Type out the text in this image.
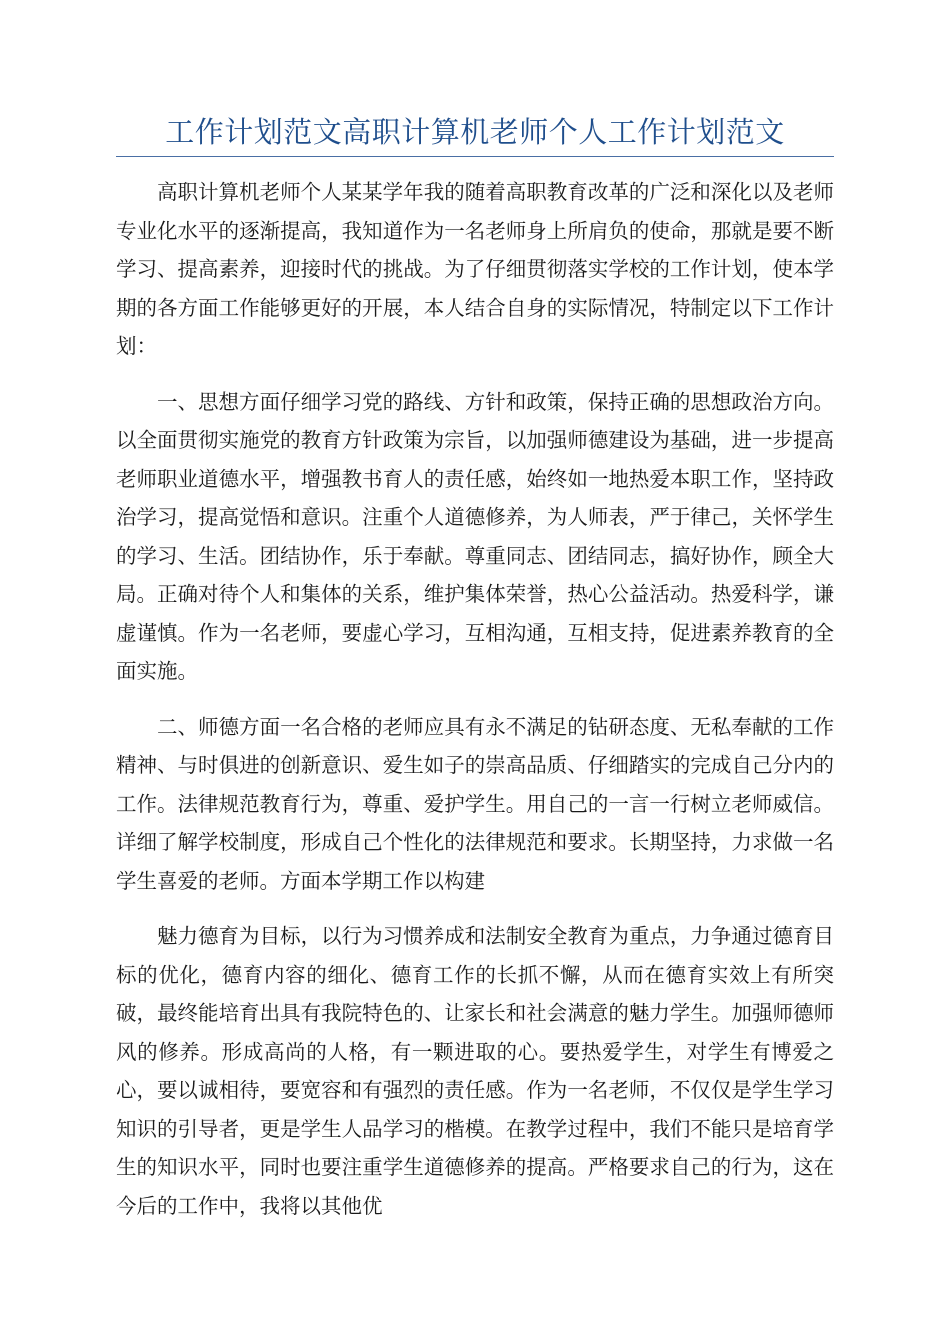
工作计划范文高职计算机老师个人工作计划范文

高职计算机老师个人某某学年我的随着高职教育改革的广泛和深化以及老师专业化水平的逐渐提高，我知道作为一名老师身上所肩负的使命，那就是要不断学习、提高素养，迎接时代的挑战。为了仔细贯彻落实学校的工作计划，使本学期的各方面工作能够更好的开展，本人结合自身的实际情况，特制定以下工作计划：

一、思想方面仔细学习党的路线、方针和政策，保持正确的思想政治方向。以全面贯彻实施党的教育方针政策为宗旨，以加强师德建设为基础，进一步提高老师职业道德水平，增强教书育人的责任感，始终如一地热爱本职工作，坚持政治学习，提高觉悟和意识。注重个人道德修养，为人师表，严于律己，关怀学生的学习、生活。团结协作，乐于奉献。尊重同志、团结同志，搞好协作，顾全大局。正确对待个人和集体的关系，维护集体荣誉，热心公益活动。热爱科学，谦虚谨慎。作为一名老师，要虚心学习，互相沟通，互相支持，促进素养教育的全面实施。

二、师德方面一名合格的老师应具有永不满足的钻研态度、无私奉献的工作精神、与时俱进的创新意识、爱生如子的崇高品质、仔细踏实的完成自己分内的工作。法律规范教育行为，尊重、爱护学生。用自己的一言一行树立老师威信。详细了解学校制度，形成自己个性化的法律规范和要求。长期坚持，力求做一名学生喜爱的老师。方面本学期工作以构建

魅力德育为目标，以行为习惯养成和法制安全教育为重点，力争通过德育目标的优化，德育内容的细化、德育工作的长抓不懈，从而在德育实效上有所突破，最终能培育出具有我院特色的、让家长和社会满意的魅力学生。加强师德师风的修养。形成高尚的人格，有一颗进取的心。要热爱学生，对学生有博爱之心，要以诚相待，要宽容和有强烈的责任感。作为一名老师，不仅仅是学生学习知识的引导者，更是学生人品学习的楷模。在教学过程中，我们不能只是培育学生的知识水平，同时也要注重学生道德修养的提高。严格要求自己的行为，这在今后的工作中，我将以其他优
